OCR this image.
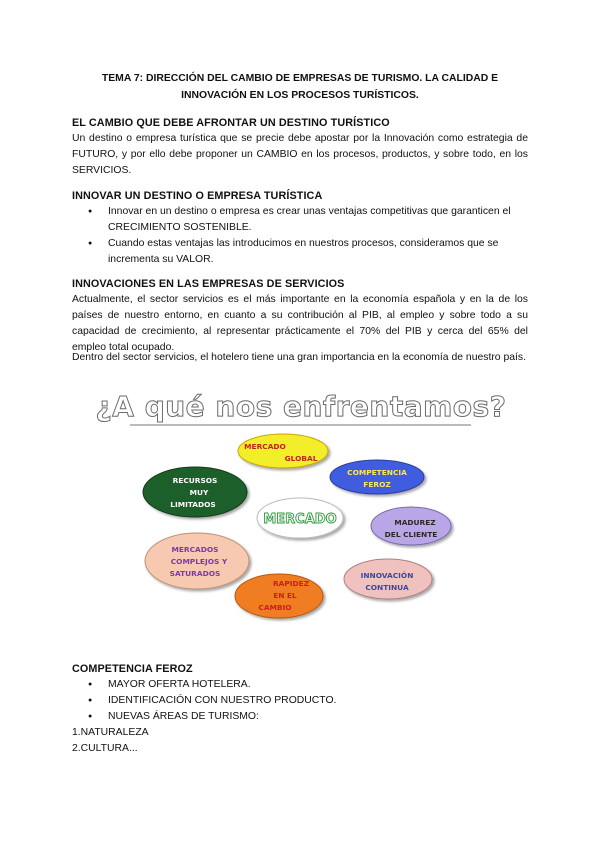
TEMA 7: DIRECCIÓN DEL CAMBIO DE EMPRESAS DE TURISMO. LA CALIDAD E
INNOVACIÓN EN LOS PROCESOS TURÍSTICOS.
EL CAMBIO QUE DEBE AFRONTAR UN DESTINO TURÍSTICO

Un destino o empresa turística que se precie debe apostar por la Innovación como estrategia de FUTURO, y por ello debe proponer un CAMBIO en los procesos, productos, y sobre todo, en los SERVICIOS.

INNOVAR UN DESTINO O EMPRESA TURÍSTICA
● Innovar en un destino o empresa es crear unas ventajas competitivas que garanticen el CRECIMIENTO SOSTENIBLE.
● Cuando estas ventajas las introducimos en nuestros procesos, consideramos que se incrementa su VALOR.
INNOVACIONES EN LAS EMPRESAS DE SERVICIOS

Actualmente, el sector servicios es el más importante en la economía española y en la de los países de nuestro entorno, en cuanto a su contribución al PIB, al empleo y sobre todo a su capacidad de crecimiento, al representar prácticamente el 70% del PIB y cerca del 65% del empleo total ocupado.

Dentro del sector servicios, el hotelero tiene una gran importancia en la economía de nuestro país.

¿A qué nos enfrentamos?
MERCADO
GLOBAL
COMPETENCIA
FEROZ
MADUREZ
DEL CLIENTE
INNOVACIÓN
CONTINUA
RAPIDEZ
EN EL
CAMBIO
MERCADOS
COMPLEJOS Y
SATURADOS
RECURSOS
MUY
LIMITADOS
MERCADO
COMPETENCIA FEROZ
● MAYOR OFERTA HOTELERA.
● IDENTIFICACIÓN CON NUESTRO PRODUCTO.
● NUEVAS ÁREAS DE TURISMO:

1.NATURALEZA

2.CULTURA...
